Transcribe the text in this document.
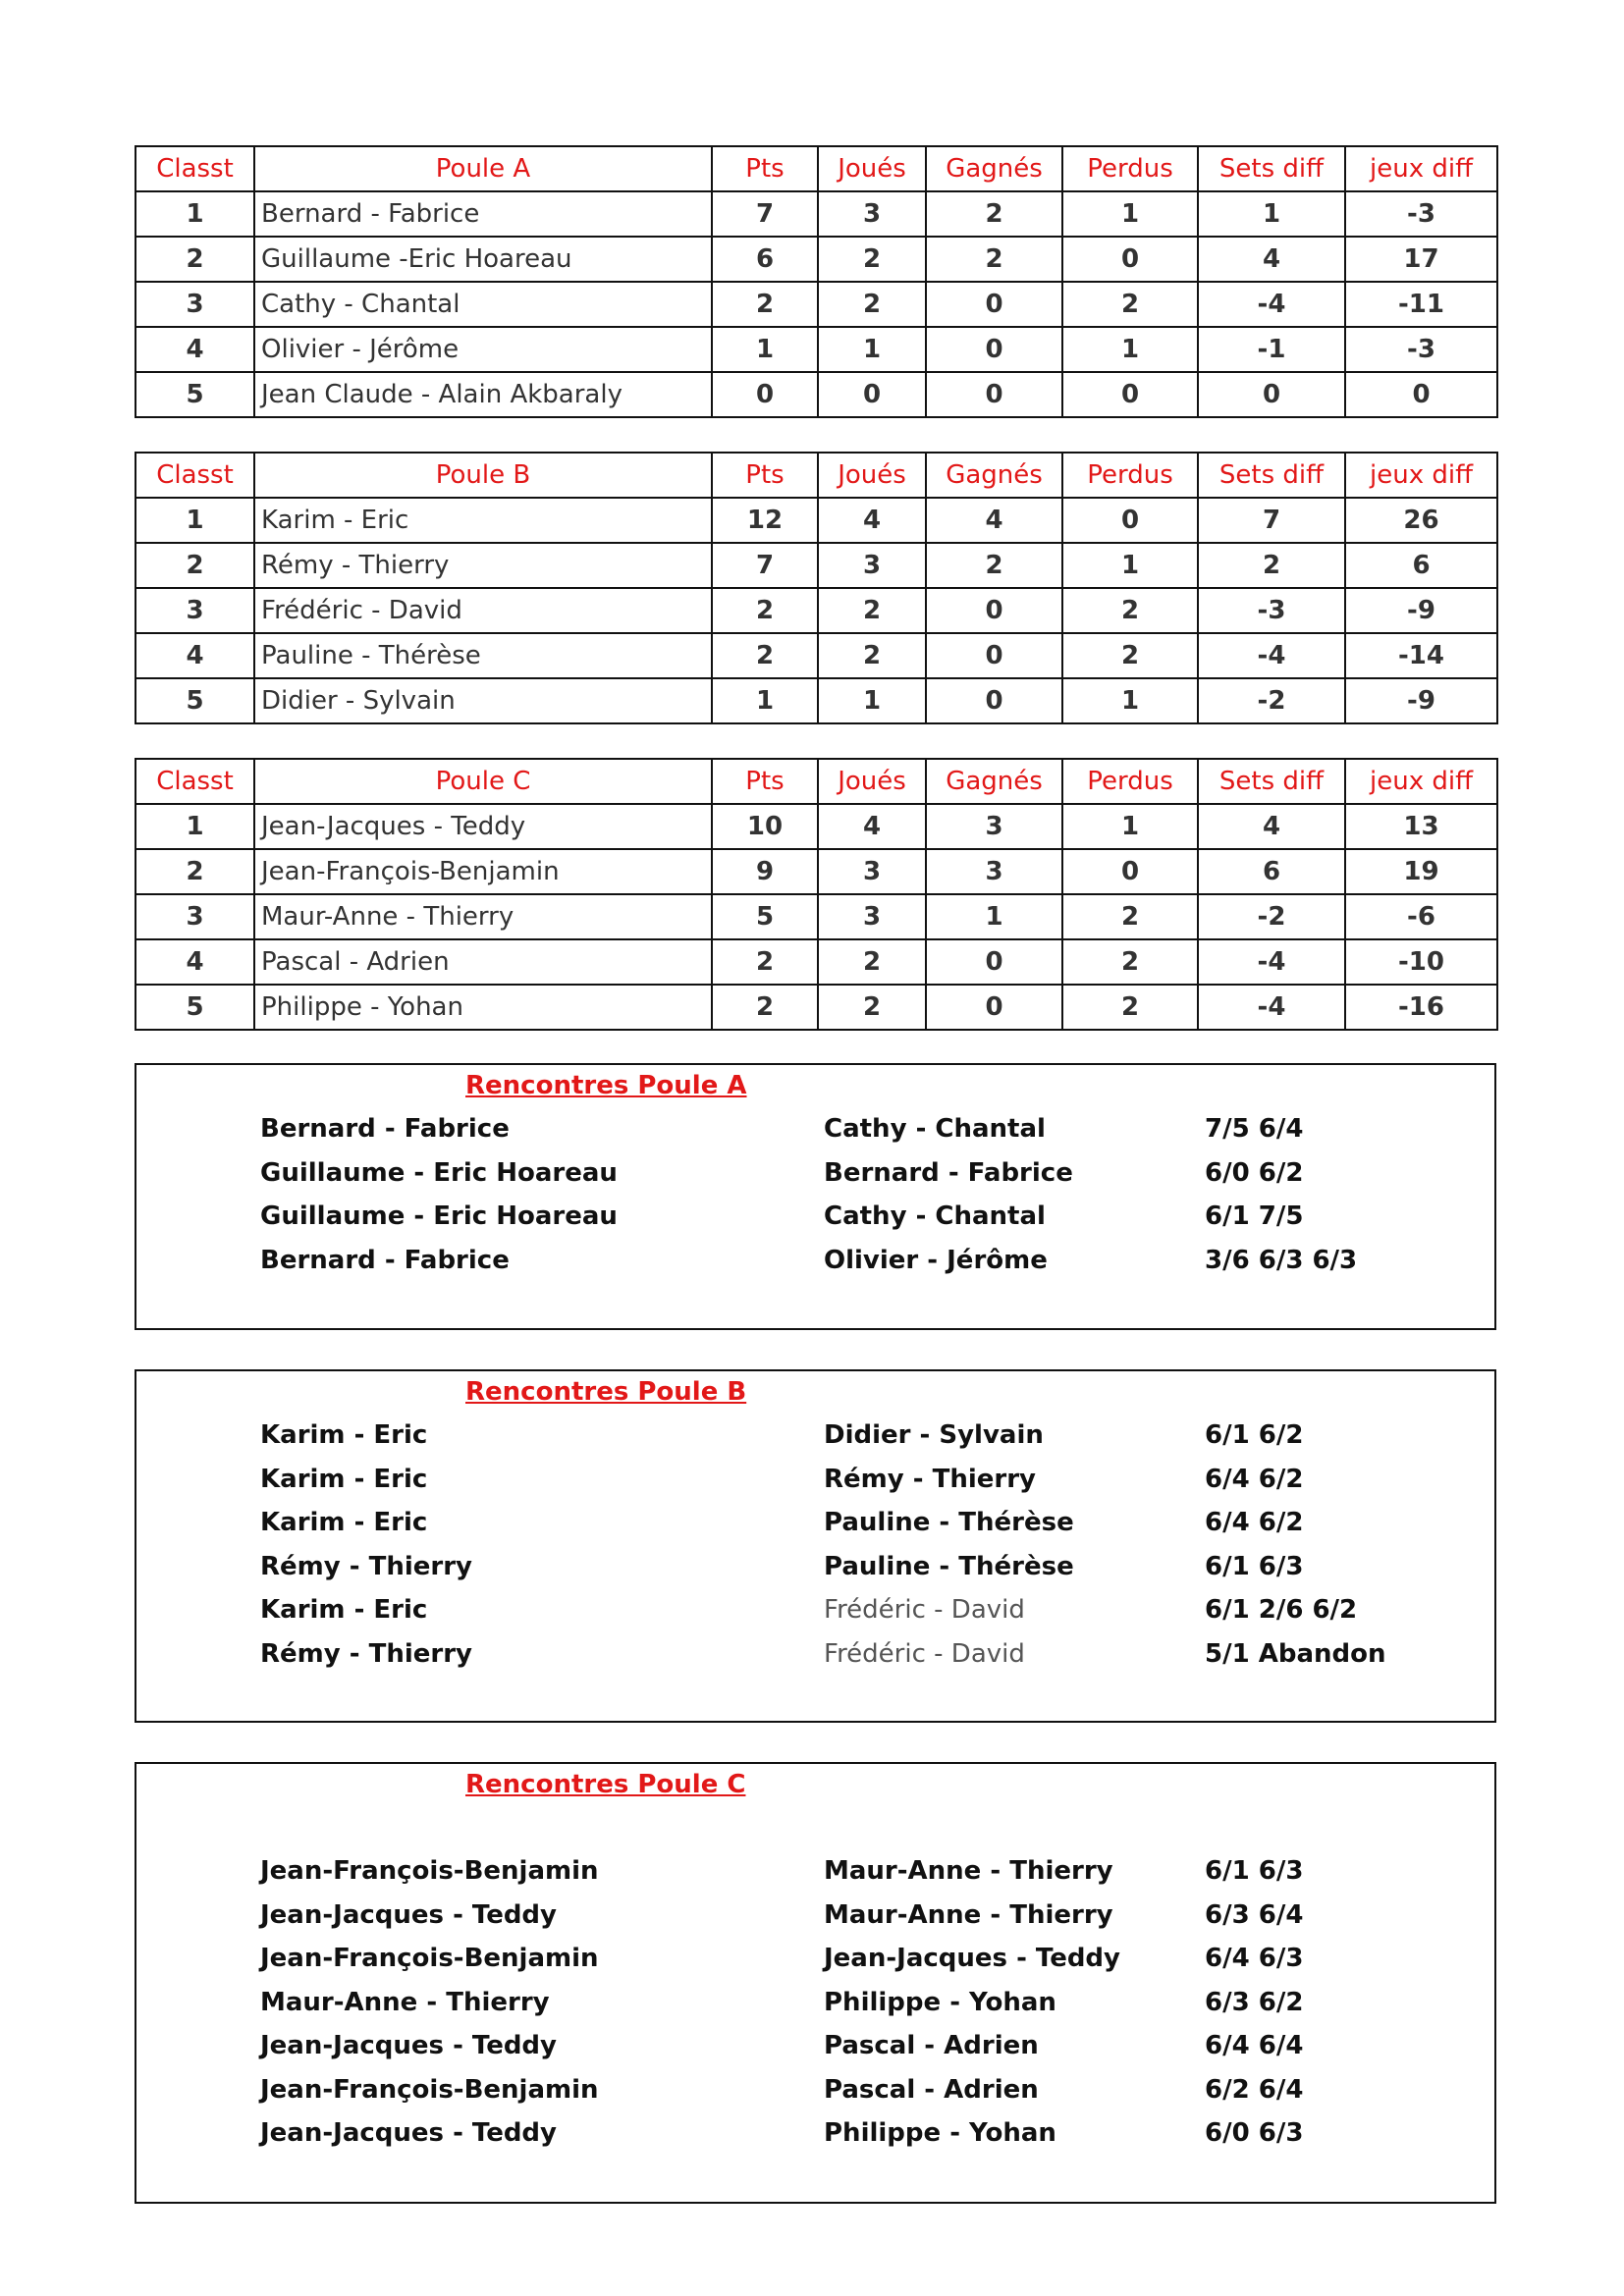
Classt	Poule A	Pts	Joués	Gagnés	Perdus	Sets diff	jeux diff
1	Bernard - Fabrice	7	3	2	1	1	-3
2	Guillaume -Eric Hoareau	6	2	2	0	4	17
3	Cathy - Chantal	2	2	0	2	-4	-11
4	Olivier - Jérôme	1	1	0	1	-1	-3
5	Jean Claude - Alain Akbaraly	0	0	0	0	0	0
Classt	Poule B	Pts	Joués	Gagnés	Perdus	Sets diff	jeux diff
1	Karim - Eric	12	4	4	0	7	26
2	Rémy - Thierry	7	3	2	1	2	6
3	Frédéric - David	2	2	0	2	-3	-9
4	Pauline - Thérèse	2	2	0	2	-4	-14
5	Didier - Sylvain	1	1	0	1	-2	-9
Classt	Poule C	Pts	Joués	Gagnés	Perdus	Sets diff	jeux diff
1	Jean-Jacques - Teddy	10	4	3	1	4	13
2	Jean-François-Benjamin	9	3	3	0	6	19
3	Maur-Anne - Thierry	5	3	1	2	-2	-6
4	Pascal - Adrien	2	2	0	2	-4	-10
5	Philippe - Yohan	2	2	0	2	-4	-16
Rencontres Poule A
Bernard - Fabrice	Cathy - Chantal	7/5 6/4
Guillaume - Eric Hoareau	Bernard - Fabrice	6/0 6/2
Guillaume - Eric Hoareau	Cathy - Chantal	6/1 7/5
Bernard - Fabrice	Olivier - Jérôme	3/6 6/3 6/3
Rencontres Poule B
Karim - Eric	Didier - Sylvain	6/1 6/2
Karim - Eric	Rémy - Thierry	6/4 6/2
Karim - Eric	Pauline - Thérèse	6/4 6/2
Rémy - Thierry	Pauline - Thérèse	6/1 6/3
Karim - Eric	Frédéric - David	6/1 2/6 6/2
Rémy - Thierry	Frédéric - David	5/1 Abandon
Rencontres Poule C
Jean-François-Benjamin	Maur-Anne - Thierry	6/1 6/3
Jean-Jacques - Teddy	Maur-Anne - Thierry	6/3 6/4
Jean-François-Benjamin	Jean-Jacques - Teddy	6/4 6/3
Maur-Anne - Thierry	Philippe - Yohan	6/3 6/2
Jean-Jacques - Teddy	Pascal - Adrien	6/4 6/4
Jean-François-Benjamin	Pascal - Adrien	6/2 6/4
Jean-Jacques - Teddy	Philippe - Yohan	6/0 6/3
